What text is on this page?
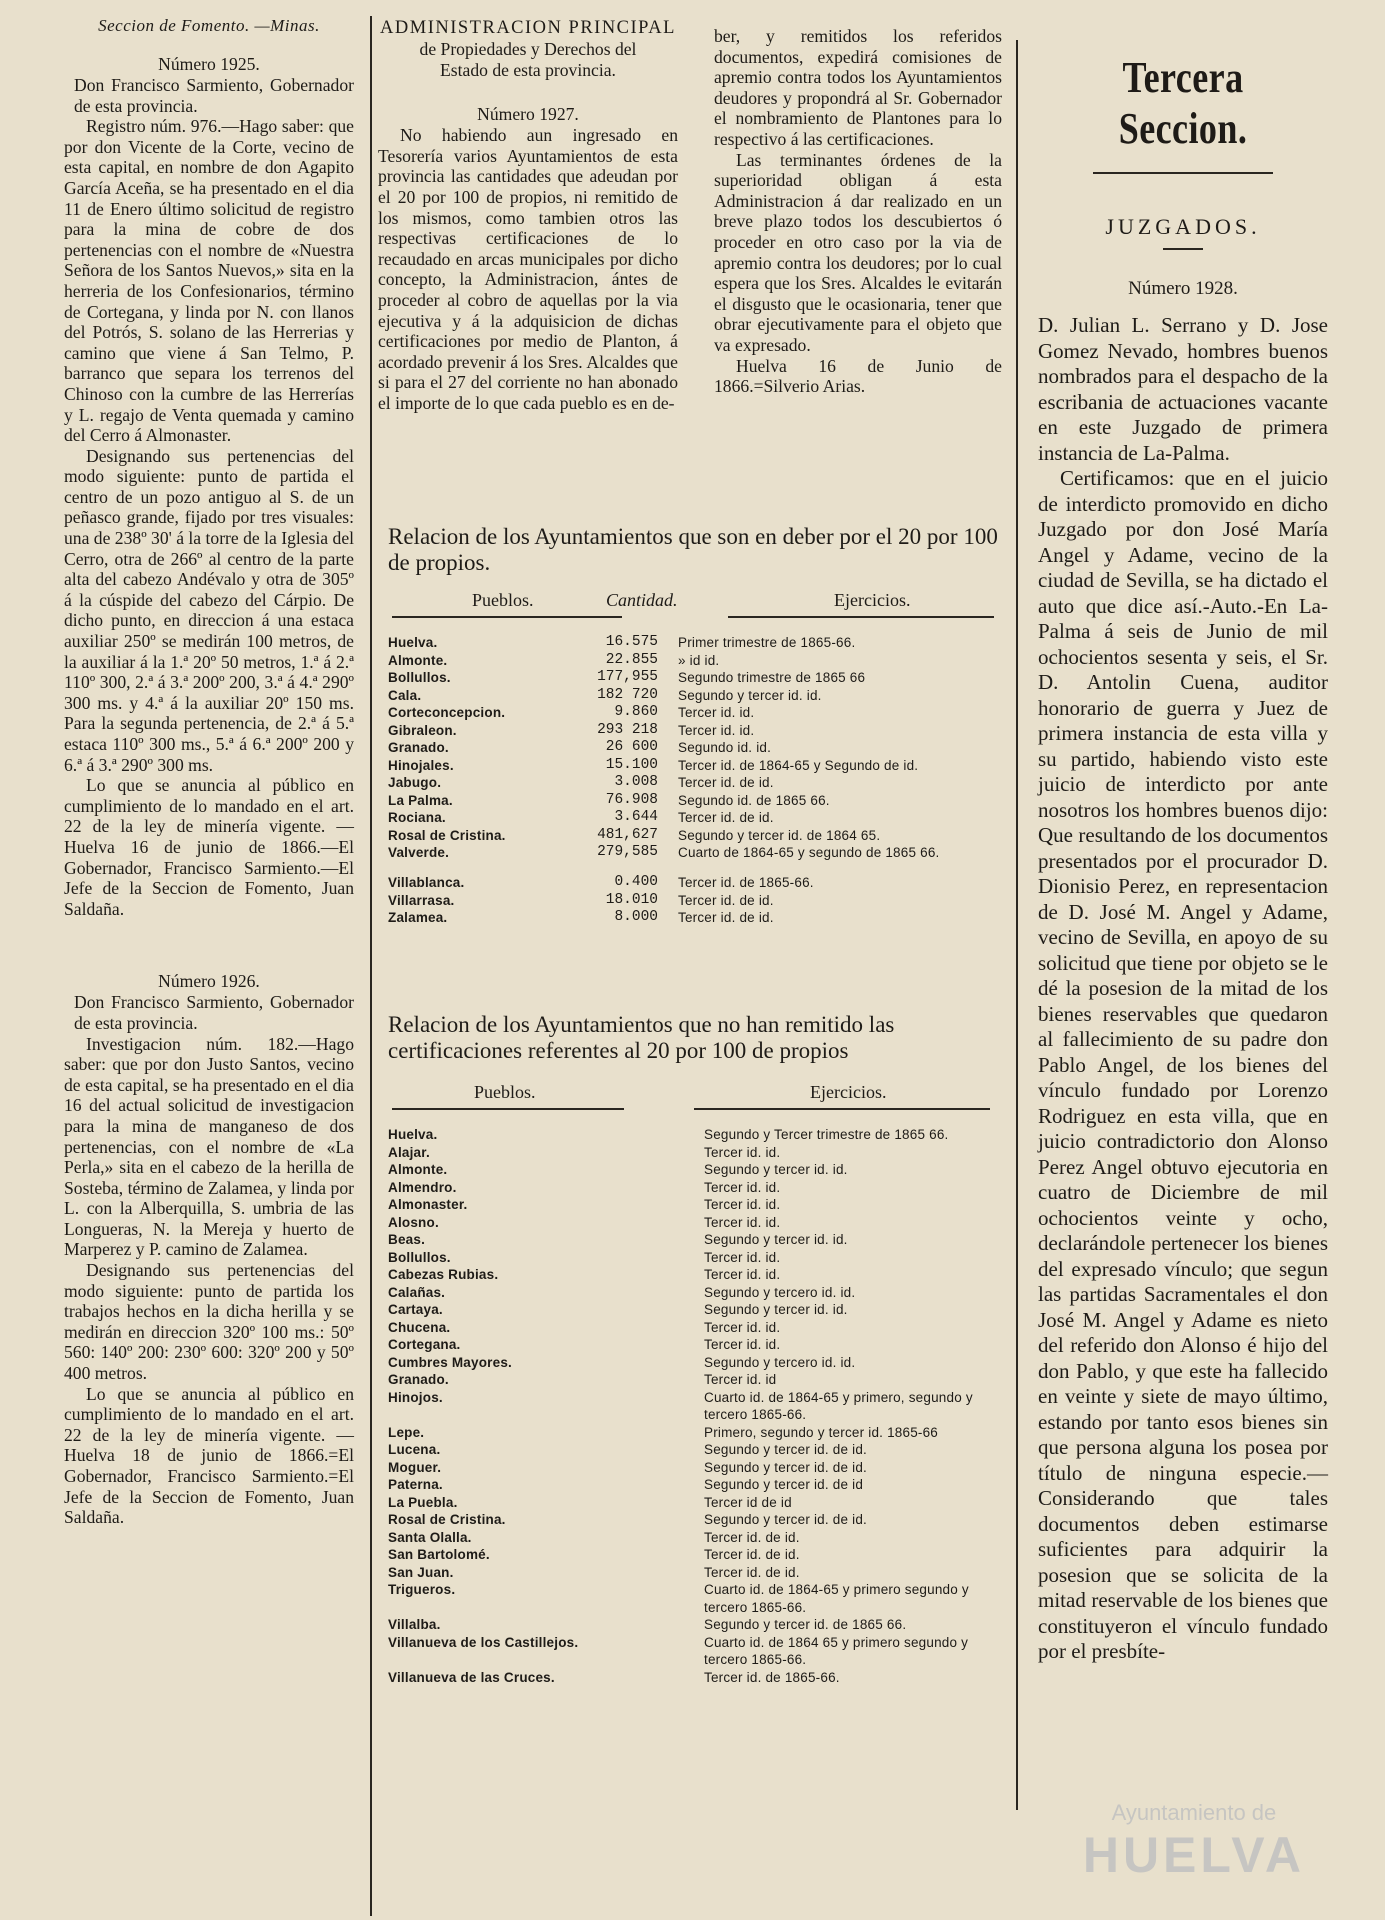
Seccion de Fomento. —Minas.

Número 1925.

Don Francisco Sarmiento, Gobernador de esta provincia.

Registro núm. 976.—Hago saber: que por don Vicente de la Corte, vecino de esta capital, en nombre de don Agapito García Aceña, se ha presentado en el dia 11 de Enero último solicitud de registro para la mina de cobre de dos pertenencias con el nombre de «Nuestra Señora de los Santos Nuevos,» sita en la herreria de los Confesionarios, término de Cortegana, y linda por N. con llanos del Potrós, S. solano de las Herrerias y camino que viene á San Telmo, P. barranco que separa los terrenos del Chinoso con la cumbre de las Herrerías y L. regajo de Venta quemada y camino del Cerro á Almonaster.

Designando sus pertenencias del modo siguiente: punto de partida el centro de un pozo antiguo al S. de un peñasco grande, fijado por tres visuales: una de 238º 30' á la torre de la Iglesia del Cerro, otra de 266º al centro de la parte alta del cabezo Andévalo y otra de 305º á la cúspide del cabezo del Cárpio. De dicho punto, en direccion á una estaca auxiliar 250º se medirán 100 metros, de la auxiliar á la 1.ª 20º 50 metros, 1.ª á 2.ª 110º 300, 2.ª á 3.ª 200º 200, 3.ª á 4.ª 290º 300 ms. y 4.ª á la auxiliar 20º 150 ms. Para la segunda pertenencia, de 2.ª á 5.ª estaca 110º 300 ms., 5.ª á 6.ª 200º 200 y 6.ª á 3.ª 290º 300 ms.

Lo que se anuncia al público en cumplimiento de lo mandado en el art. 22 de la ley de minería vigente. —Huelva 16 de junio de 1866.—El Gobernador, Francisco Sarmiento.—El Jefe de la Seccion de Fomento, Juan Saldaña.

Número 1926.

Don Francisco Sarmiento, Gobernador de esta provincia.

Investigacion núm. 182.—Hago saber: que por don Justo Santos, vecino de esta capital, se ha presentado en el dia 16 del actual solicitud de investigacion para la mina de manganeso de dos pertenencias, con el nombre de «La Perla,» sita en el cabezo de la herilla de Sosteba, término de Zalamea, y linda por L. con la Alberquilla, S. umbria de las Longueras, N. la Mereja y huerto de Marperez y P. camino de Zalamea.

Designando sus pertenencias del modo siguiente: punto de partida los trabajos hechos en la dicha herilla y se medirán en direccion 320º 100 ms.: 50º 560: 140º 200: 230º 600: 320º 200 y 50º 400 metros.

Lo que se anuncia al público en cumplimiento de lo mandado en el art. 22 de la ley de minería vigente. —Huelva 18 de junio de 1866.=El Gobernador, Francisco Sarmiento.=El Jefe de la Seccion de Fomento, Juan Saldaña.

ADMINISTRACION PRINCIPAL

de Propiedades y Derechos del Estado de esta provincia.

Número 1927.

No habiendo aun ingresado en Tesorería varios Ayuntamientos de esta provincia las cantidades que adeudan por el 20 por 100 de propios, ni remitido de los mismos, como tambien otros las respectivas certificaciones de lo recaudado en arcas municipales por dicho concepto, la Administracion, ántes de proceder al cobro de aquellas por la via ejecutiva y á la adquisicion de dichas certificaciones por medio de Planton, á acordado prevenir á los Sres. Alcaldes que si para el 27 del corriente no han abonado el importe de lo que cada pueblo es en de-

ber, y remitidos los referidos documentos, expedirá comisiones de apremio contra todos los Ayuntamientos deudores y propondrá al Sr. Gobernador el nombramiento de Plantones para lo respectivo á las certificaciones.

Las terminantes órdenes de la superioridad obligan á esta Administracion á dar realizado en un breve plazo todos los descubiertos ó proceder en otro caso por la via de apremio contra los deudores; por lo cual espera que los Sres. Alcaldes le evitarán el disgusto que le ocasionaria, tener que obrar ejecutivamente para el objeto que va expresado.

Huelva 16 de Junio de 1866.=Silverio Arias.

Relacion de los Ayuntamientos que son en deber por el 20 por 100 de propios.

Pueblos.	Cantidad.	Ejercicios.
Huelva.	16.575	Primer trimestre de 1865-66.
Almonte.	22.855	» id id.
Bollullos.	177,955	Segundo trimestre de 1865 66
Cala.	182 720	Segundo y tercer id. id.
Corteconcepcion.	9.860	Tercer id. id.
Gibraleon.	293 218	Tercer id. id.
Granado.	26 600	Segundo id. id.
Hinojales.	15.100	Tercer id. de 1864-65 y Segundo de id.
Jabugo.	3.008	Tercer id. de id.
La Palma.	76.908	Segundo id. de 1865 66.
Rociana.	3.644	Tercer id. de id.
Rosal de Cristina.	481,627	Segundo y tercer id. de 1864 65.
Valverde.	279,585	Cuarto de 1864-65 y segundo de 1865 66.
Villablanca.	0.400	Tercer id. de 1865-66.
Villarrasa.	18.010	Tercer id. de id.
Zalamea.	8.000	Tercer id. de id.

Relacion de los Ayuntamientos que no han remitido las certificaciones referentes al 20 por 100 de propios

Pueblos.	Ejercicios.
Huelva.	Segundo y Tercer trimestre de 1865 66.
Alajar.	Tercer id. id.
Almonte.	Segundo y tercer id. id.
Almendro.	Tercer id. id.
Almonaster.	Tercer id. id.
Alosno.	Tercer id. id.
Beas.	Segundo y tercer id. id.
Bollullos.	Tercer id. id.
Cabezas Rubias.	Tercer id. id.
Calañas.	Segundo y tercero id. id.
Cartaya.	Segundo y tercer id. id.
Chucena.	Tercer id. id.
Cortegana.	Tercer id. id.
Cumbres Mayores.	Segundo y tercero id. id.
Granado.	Tercer id. id
Hinojos.	Cuarto id. de 1864-65 y primero, segundo y tercero 1865-66.
Lepe.	Primero, segundo y tercer id. 1865-66
Lucena.	Segundo y tercer id. de id.
Moguer.	Segundo y tercer id. de id.
Paterna.	Segundo y tercer id. de id
La Puebla.	Tercer id de id
Rosal de Cristina.	Segundo y tercer id. de id.
Santa Olalla.	Tercer id. de id.
San Bartolomé.	Tercer id. de id.
San Juan.	Tercer id. de id.
Trigueros.	Cuarto id. de 1864-65 y primero segundo y tercero 1865-66.
Villalba.	Segundo y tercer id. de 1865 66.
Villanueva de los Castillejos.	Cuarto id. de 1864 65 y primero segundo y tercero 1865-66.
Villanueva de las Cruces.	Tercer id. de 1865-66.

Tercera Seccion.

JUZGADOS.

Número 1928.

D. Julian L. Serrano y D. Jose Gomez Nevado, hombres buenos nombrados para el despacho de la escribania de actuaciones vacante en este Juzgado de primera instancia de La-Palma.

Certificamos: que en el juicio de interdicto promovido en dicho Juzgado por don José María Angel y Adame, vecino de la ciudad de Sevilla, se ha dictado el auto que dice así.-Auto.-En La-Palma á seis de Junio de mil ochocientos sesenta y seis, el Sr. D. Antolin Cuena, auditor honorario de guerra y Juez de primera instancia de esta villa y su partido, habiendo visto este juicio de interdicto por ante nosotros los hombres buenos dijo: Que resultando de los documentos presentados por el procurador D. Dionisio Perez, en representacion de D. José M. Angel y Adame, vecino de Sevilla, en apoyo de su solicitud que tiene por objeto se le dé la posesion de la mitad de los bienes reservables que quedaron al fallecimiento de su padre don Pablo Angel, de los bienes del vínculo fundado por Lorenzo Rodriguez en esta villa, que en juicio contradictorio don Alonso Perez Angel obtuvo ejecutoria en cuatro de Diciembre de mil ochocientos veinte y ocho, declarándole pertenecer los bienes del expresado vínculo; que segun las partidas Sacramentales el don José M. Angel y Adame es nieto del referido don Alonso é hijo del don Pablo, y que este ha fallecido en veinte y siete de mayo último, estando por tanto esos bienes sin que persona alguna los posea por título de ninguna especie.—Considerando que tales documentos deben estimarse suficientes para adquirir la posesion que se solicita de la mitad reservable de los bienes que constituyeron el vínculo fundado por el presbíte-

Ayuntamiento de
HUELVA
